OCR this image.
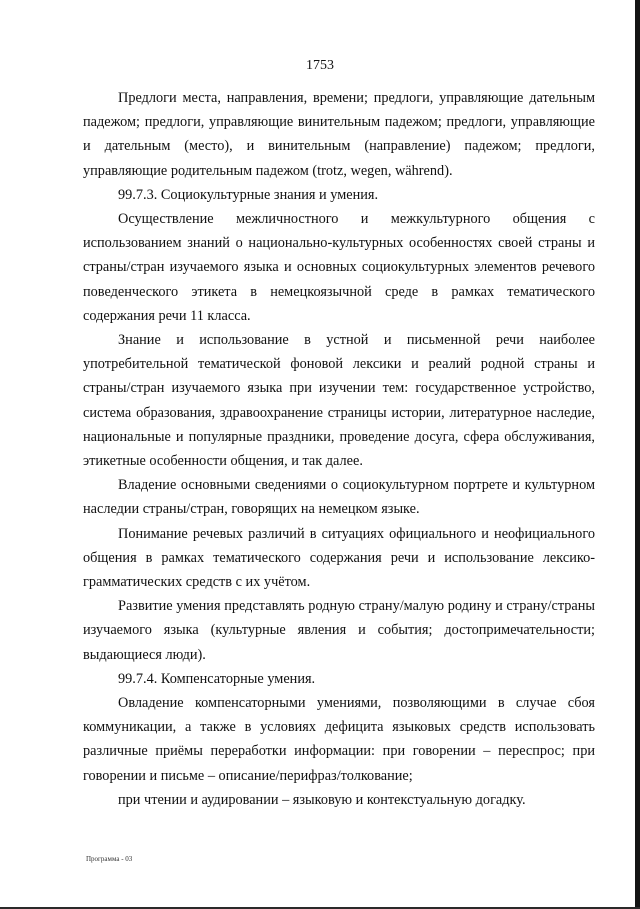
1753

Предлоги места, направления, времени; предлоги, управляющие дательным падежом; предлоги, управляющие винительным падежом; предлоги, управляющие и дательным (место), и винительным (направление) падежом; предлоги, управляющие родительным падежом (trotz, wegen, während).

99.7.3. Социокультурные знания и умения.

Осуществление межличностного и межкультурного общения с использованием знаний о национально-культурных особенностях своей страны и страны/стран изучаемого языка и основных социокультурных элементов речевого поведенческого этикета в немецкоязычной среде в рамках тематического содержания речи 11 класса.

Знание и использование в устной и письменной речи наиболее употребительной тематической фоновой лексики и реалий родной страны и страны/стран изучаемого языка при изучении тем: государственное устройство, система образования, здравоохранение страницы истории, литературное наследие, национальные и популярные праздники, проведение досуга, сфера обслуживания, этикетные особенности общения, и так далее.

Владение основными сведениями о социокультурном портрете и культурном наследии страны/стран, говорящих на немецком языке.

Понимание речевых различий в ситуациях официального и неофициального общения в рамках тематического содержания речи и использование лексико-грамматических средств с их учётом.

Развитие умения представлять родную страну/малую родину и страну/страны изучаемого языка (культурные явления и события; достопримечательности; выдающиеся люди).

99.7.4. Компенсаторные умения.

Овладение компенсаторными умениями, позволяющими в случае сбоя коммуникации, а также в условиях дефицита языковых средств использовать различные приёмы переработки информации: при говорении – переспрос; при говорении и письме – описание/перифраз/толкование;

при чтении и аудировании – языковую и контекстуальную догадку.

Программа - 03
